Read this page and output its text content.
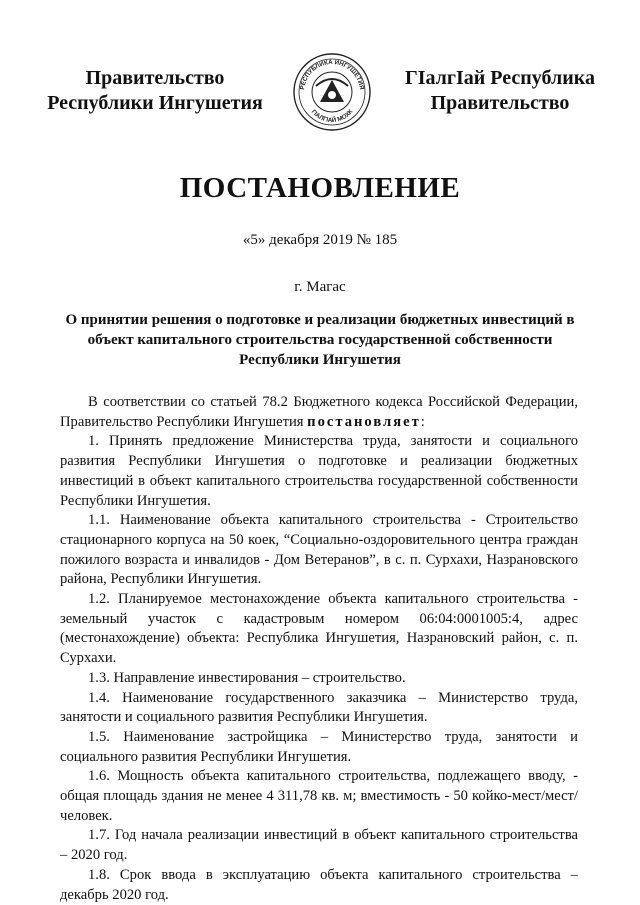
Правительство
Республики Ингушетия
РЕСПУБЛИКА ИНГУШЕТИЯ
ГӀАЛГӀАЙ МОХК
ГӀалгӀай Республика
Правительство
ПОСТАНОВЛЕНИЕ
«5» декабря 2019 № 185
г. Магас
О принятии решения о подготовке и реализации бюджетных инвестиций в объект капитального строительства государственной собственности Республики Ингушетия

В соответствии со статьей 78.2 Бюджетного кодекса Российской Федерации, Правительство Республики Ингушетия постановляет:

1. Принять предложение Министерства труда, занятости и социального развития Республики Ингушетия о подготовке и реализации бюджетных инвестиций в объект капитального строительства государственной собственности Республики Ингушетия.

1.1. Наименование объекта капитального строительства - Строительство стационарного корпуса на 50 коек, “Социально-оздоровительного центра граждан пожилого возраста и инвалидов - Дом Ветеранов”, в с. п. Сурхахи, Назрановского района, Республики Ингушетия.

1.2. Планируемое местонахождение объекта капитального строительства - земельный участок с кадастровым номером 06:04:0001005:4, адрес (местонахождение) объекта: Республика Ингушетия, Назрановский район, с. п. Сурхахи.

1.3. Направление инвестирования – строительство.

1.4. Наименование государственного заказчика – Министерство труда, занятости и социального развития Республики Ингушетия.

1.5. Наименование застройщика – Министерство труда, занятости и социального развития Республики Ингушетия.

1.6. Мощность объекта капитального строительства, подлежащего вводу, - общая площадь здания не менее 4 311,78 кв. м; вместимость - 50 койко-мест/мест/человек.

1.7. Год начала реализации инвестиций в объект капитального строительства – 2020 год.

1.8. Срок ввода в эксплуатацию объекта капитального строительства – декабрь 2020 год.
